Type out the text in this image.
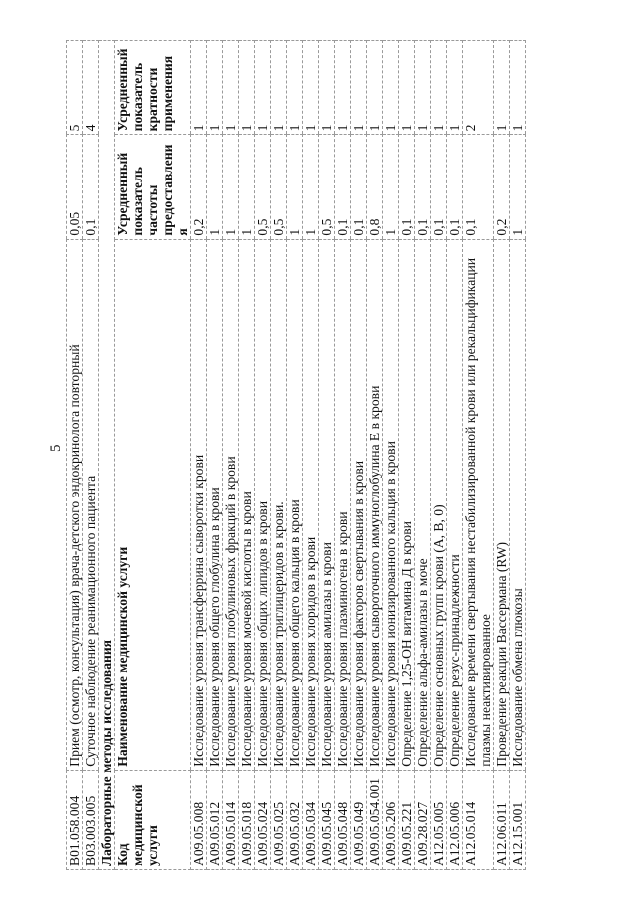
5
B01.058.004	Прием (осмотр, консультация) врача-детского эндокринолога повторный	0,05	5
B03.003.005	Суточное наблюдение реанимационного пациента	0,1	4
Лабораторные методы исследования			
Код медицинской услуги	Наименование медицинской услуги	Усредненный показатель частоты предоставления	Усредненный показатель кратности применения
A09.05.008	Исследование уровня трансферрина сыворотки крови	0,2	1
A09.05.012	Исследование уровня общего глобулина в крови	1	1
A09.05.014	Исследование уровня глобулиновых фракций в крови	1	1
A09.05.018	Исследование уровня мочевой кислоты в крови	1	1
A09.05.024	Исследование уровня общих липидов в крови	0,5	1
A09.05.025	Исследование уровня триглицеридов в крови.	0,5	1
A09.05.032	Исследование уровня общего кальция в крови	1	1
A09.05.034	Исследование уровня хлоридов в крови	1	1
A09.05.045	Исследование уровня амилазы в крови	0,5	1
A09.05.048	Исследование уровня плазминогена в крови	0,1	1
A09.05.049	Исследование уровня факторов свертывания в крови	0,1	1
A09.05.054.001	Исследование уровня сывороточного иммуноглобулина Е в крови	0,8	1
A09.05.206	Исследование уровня ионизированного кальция в крови	1	1
A09.05.221	Определение 1,25-ОН витамина Д в крови	0,1	1
A09.28.027	Определение альфа-амилазы в моче	0,1	1
A12.05.005	Определение основных групп крови (A, B, 0)	0,1	1
A12.05.006	Определение резус-принадлежности	0,1	1
A12.05.014	Исследование времени свертывания нестабилизированной крови или рекальцификации плазмы неактивированное	0,1	2
A12.06.011	Проведение реакции Вассермана (RW)	0,2	1
A12.15.001	Исследование обмена глюкозы	1	1
